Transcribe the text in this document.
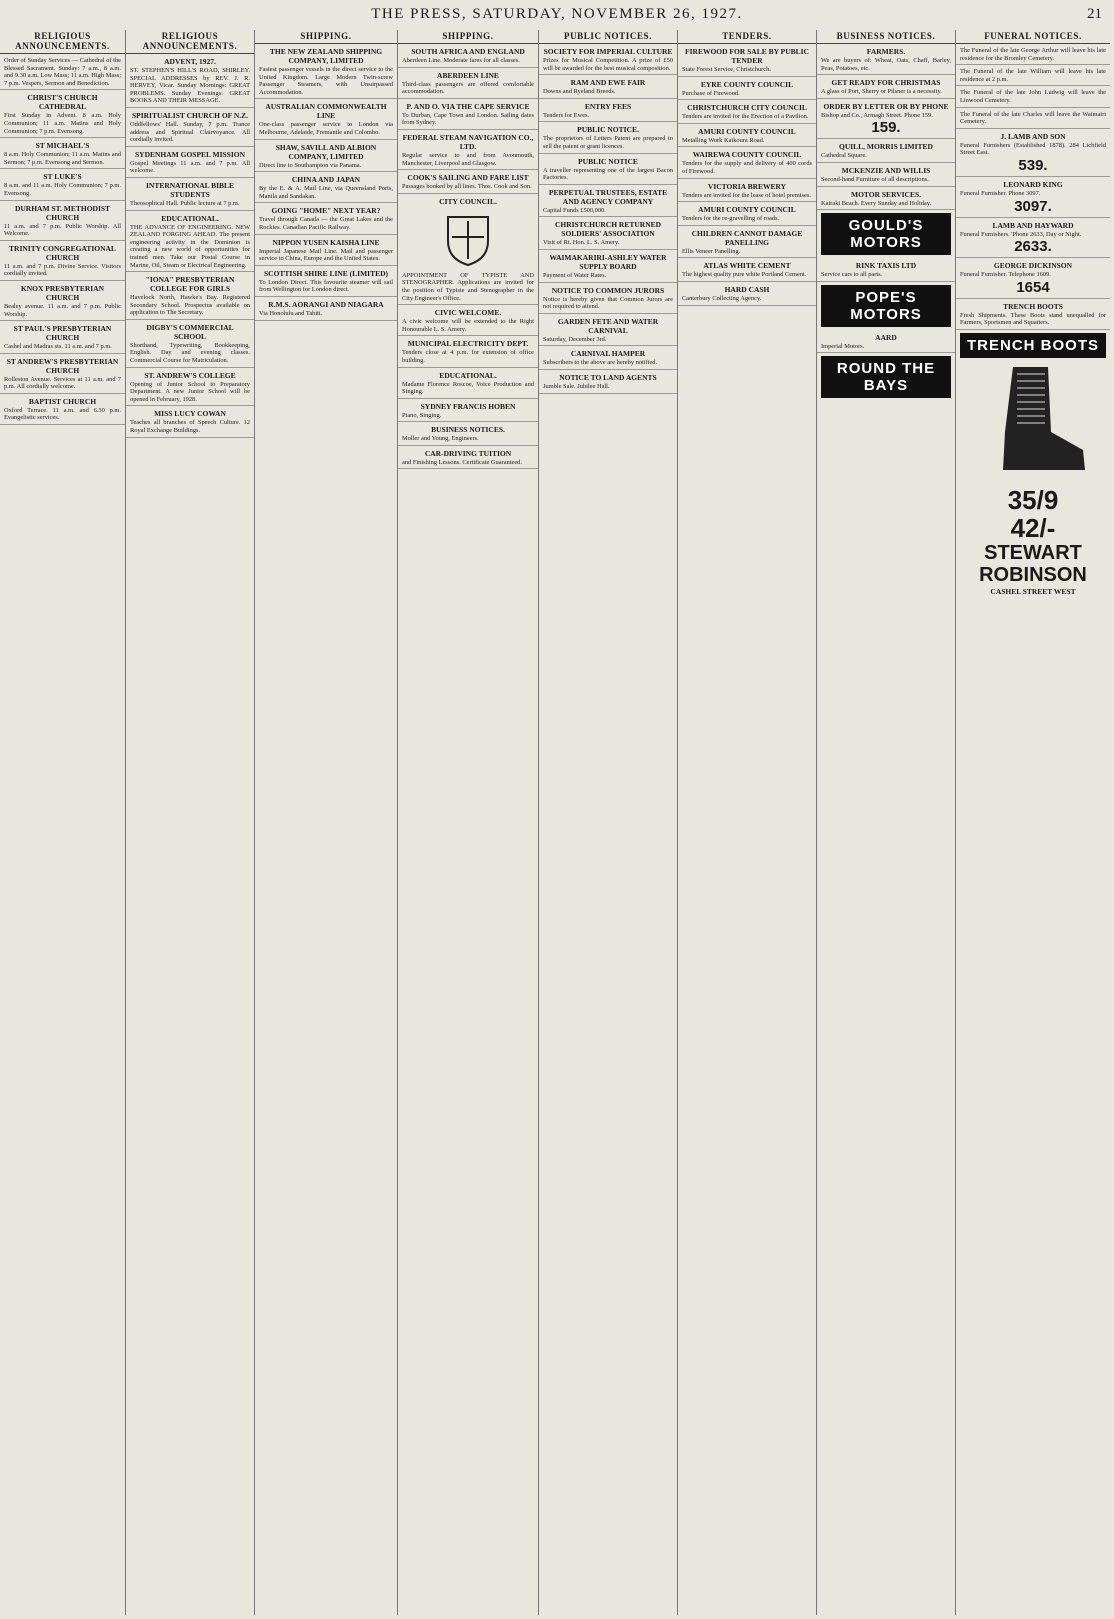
THE PRESS, SATURDAY, NOVEMBER 26, 1927.	21
RELIGIOUS ANNOUNCEMENTS.
Order of Sunday Services — Cathedral of the Blessed Sacrament. Sunday: 7 a.m., 8 a.m. and 9.30 a.m. Low Mass; 11 a.m. High Mass; 7 p.m. Vespers, Sermon and Benediction.
CHRIST'S CHURCH CATHEDRAL
First Sunday in Advent. 8 a.m. Holy Communion; 11 a.m. Matins and Holy Communion; 7 p.m. Evensong.
ST MICHAEL'S
8 a.m. Holy Communion; 11 a.m. Matins and Sermon; 7 p.m. Evensong and Sermon.
ST LUKE'S
8 a.m. and 11 a.m. Holy Communion; 7 p.m. Evensong.
DURHAM ST. METHODIST CHURCH
11 a.m. and 7 p.m. Public Worship. All Welcome.
TRINITY CONGREGATIONAL CHURCH
11 a.m. and 7 p.m. Divine Service. Visitors cordially invited.
KNOX PRESBYTERIAN CHURCH
Bealey avenue. 11 a.m. and 7 p.m. Public Worship.
ST PAUL'S PRESBYTERIAN CHURCH
Cashel and Madras sts. 11 a.m. and 7 p.m.
ST ANDREW'S PRESBYTERIAN CHURCH
Rolleston Avenue. Services at 11 a.m. and 7 p.m. All cordially welcome.
BAPTIST CHURCH
Oxford Terrace. 11 a.m. and 6.30 p.m. Evangelistic services.
RELIGIOUS ANNOUNCEMENTS.
ADVENT, 1927.
ST. STEPHEN'S HILL'S ROAD, SHIRLEY. SPECIAL ADDRESSES by REV. J. R. HERVEY, Vicar. Sunday Mornings: GREAT PROBLEMS. Sunday Evenings: GREAT BOOKS AND THEIR MESSAGE.
SPIRITUALIST CHURCH OF N.Z.
Oddfellows' Hall. Sunday, 7 p.m. Trance address and Spiritual Clairvoyance. All cordially invited.
SYDENHAM GOSPEL MISSION
Gospel Meetings 11 a.m. and 7 p.m. All welcome.
INTERNATIONAL BIBLE STUDENTS
Theosophical Hall. Public lecture at 7 p.m.
EDUCATIONAL.
THE ADVANCE OF ENGINEERING. NEW ZEALAND FORGING AHEAD. The present engineering activity in the Dominion is creating a new world of opportunities for trained men. Take our Postal Course in Marine, Oil, Steam or Electrical Engineering.
"IONA" PRESBYTERIAN COLLEGE FOR GIRLS
Havelock North, Hawke's Bay. Registered Secondary School. Prospectus available on application to The Secretary.
DIGBY'S COMMERCIAL SCHOOL
Shorthand, Typewriting, Bookkeeping, English. Day and evening classes. Commercial Course for Matriculation.
ST. ANDREW'S COLLEGE
Opening of Junior School to Preparatory Department. A new Junior School will be opened in February, 1928.
MISS LUCY COWAN
Teaches all branches of Speech Culture. 12 Royal Exchange Buildings.
SHIPPING.
THE NEW ZEALAND SHIPPING COMPANY, LIMITED
Fastest passenger vessels in the direct service to the United Kingdom. Large Modern Twin-screw Passenger Steamers, with Unsurpassed Accommodation.
AUSTRALIAN COMMONWEALTH LINE
One-class passenger service to London via Melbourne, Adelaide, Fremantle and Colombo.
SHAW, SAVILL AND ALBION COMPANY, LIMITED
Direct line to Southampton via Panama.
CHINA AND JAPAN
By the E. & A. Mail Line, via Queensland Ports, Manila and Sandakan.
GOING "HOME" NEXT YEAR?
Travel through Canada — the Great Lakes and the Rockies. Canadian Pacific Railway.
NIPPON YUSEN KAISHA LINE
Imperial Japanese Mail Line. Mail and passenger service to China, Europe and the United States.
SCOTTISH SHIRE LINE (LIMITED)
To London Direct. This favourite steamer will sail from Wellington for London direct.
R.M.S. AORANGI AND NIAGARA
Via Honolulu and Tahiti.
SHIPPING.
SOUTH AFRICA AND ENGLAND
Aberdeen Line. Moderate fares for all classes.
ABERDEEN LINE
Third-class passengers are offered comfortable accommodation.
P. AND O. VIA THE CAPE SERVICE
To Durban, Cape Town and London. Sailing dates from Sydney.
FEDERAL STEAM NAVIGATION CO., LTD.
Regular service to and from Avonmouth, Manchester, Liverpool and Glasgow.
COOK'S SAILING AND FARE LIST
Passages booked by all lines. Thos. Cook and Son.
CITY COUNCIL.
APPOINTMENT OF TYPISTE AND STENOGRAPHER. Applications are invited for the position of Typiste and Stenographer in the City Engineer's Office.
CIVIC WELCOME.
A civic welcome will be extended to the Right Honourable L. S. Amery.
MUNICIPAL ELECTRICITY DEPT.
Tenders close at 4 p.m. for extension of office building.
EDUCATIONAL.
Madame Florence Roscoe, Voice Production and Singing.
SYDNEY FRANCIS HOBEN
Piano, Singing.
BUSINESS NOTICES.
Moller and Young, Engineers.
CAR-DRIVING TUITION
and Finishing Lessons. Certificate Guaranteed.
PUBLIC NOTICES.
SOCIETY FOR IMPERIAL CULTURE
Prizes for Musical Competition. A prize of £50 will be awarded for the best musical composition.
RAM AND EWE FAIR
Downs and Ryeland Breeds.
ENTRY FEES
Tenders for Ewes.
PUBLIC NOTICE.
The proprietors of Letters Patent are prepared to sell the patent or grant licences.
PUBLIC NOTICE
A traveller representing one of the largest Bacon Factories.
PERPETUAL TRUSTEES, ESTATE AND AGENCY COMPANY
Capital Funds £500,000.
CHRISTCHURCH RETURNED SOLDIERS' ASSOCIATION
Visit of Rt. Hon. L. S. Amery.
WAIMAKARIRI-ASHLEY WATER SUPPLY BOARD
Payment of Water Rates.
NOTICE TO COMMON JURORS
Notice is hereby given that Common Jurors are not required to attend.
GARDEN FETE AND WATER CARNIVAL
Saturday, December 3rd.
CARNIVAL HAMPER
Subscribers to the above are hereby notified.
NOTICE TO LAND AGENTS
Jumble Sale. Jubilee Hall.
TENDERS.
FIREWOOD FOR SALE BY PUBLIC TENDER
State Forest Service, Christchurch.
EYRE COUNTY COUNCIL
Purchase of Firewood.
CHRISTCHURCH CITY COUNCIL
Tenders are invited for the Erection of a Pavilion.
AMURI COUNTY COUNCIL
Metalling Work Kaikoura Road.
WAIREWA COUNTY COUNCIL
Tenders for the supply and delivery of 400 cords of Firewood.
VICTORIA BREWERY
Tenders are invited for the lease of hotel premises.
AMURI COUNTY COUNCIL
Tenders for the re-gravelling of roads.
CHILDREN CANNOT DAMAGE PANELLING
Ellis Veneer Panelling.
ATLAS WHITE CEMENT
The highest quality pure white Portland Cement.
HARD CASH
Canterbury Collecting Agency.
BUSINESS NOTICES.
FARMERS.
We are buyers of: Wheat, Oats, Chaff, Barley, Peas, Potatoes, etc.
GET READY FOR CHRISTMAS
A glass of Port, Sherry or Pilsner is a necessity.
ORDER BY LETTER OR BY PHONE
Bishop and Co., Armagh Street. Phone 159.
159.
QUILL, MORRIS LIMITED
Cathedral Square.
MCKENZIE AND WILLIS
Second-hand Furniture of all descriptions.
MOTOR SERVICES.
Kairaki Beach. Every Sunday and Holiday.
GOULD'S MOTORS
RINK TAXIS LTD
Service cars to all parts.
POPE'S MOTORS
AARD
Imperial Motors.
ROUND THE BAYS
FUNERAL NOTICES.
The Funeral of the late George Arthur will leave his late residence for the Bromley Cemetery.
The Funeral of the late William will leave his late residence at 2 p.m.
The Funeral of the late John Ludwig will leave the Linwood Cemetery.
The Funeral of the late Charles will leave the Waimairi Cemetery.
J. LAMB AND SON
Funeral Furnishers (Established 1878). 284 Lichfield Street East.
539.
LEONARD KING
Funeral Furnisher. Phone 3097.
3097.
LAMB AND HAYWARD
Funeral Furnishers. 'Phone 2633, Day or Night.
2633.
GEORGE DICKINSON
Funeral Furnisher. Telephone 1609.
1654
TRENCH BOOTS
Fresh Shipments. These Boots stand unequalled for Farmers, Sportsmen and Squatters.
TRENCH BOOTS
35/9
42/-
STEWART ROBINSON
CASHEL STREET WEST
